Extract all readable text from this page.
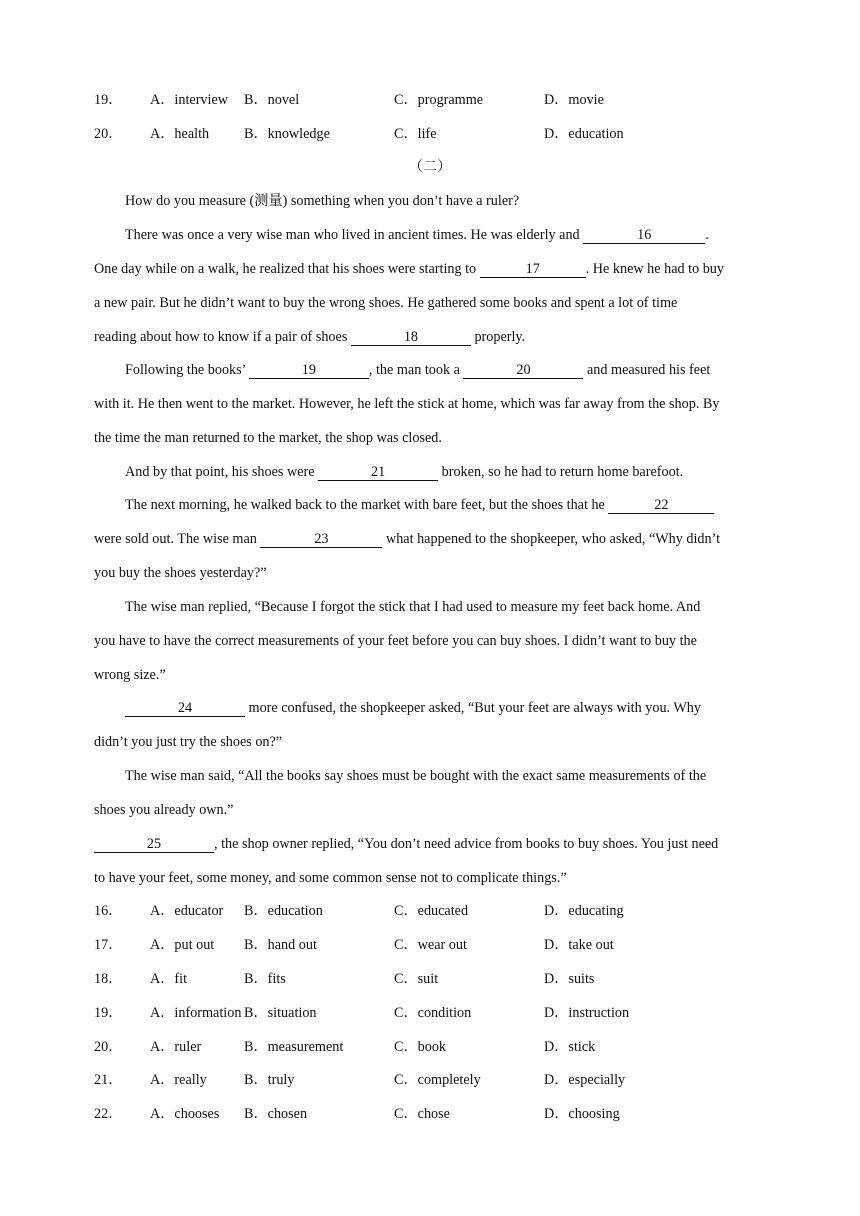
19． A．interview B．novel	C．programme	D．movie
20． A．health B．knowledge	C．life	D．education
（二）
How do you measure (测量) something when you don’t have a ruler?
There was once a very wise man who lived in ancient times. He was elderly and	16	.
One day while on a walk, he realized that his shoes were starting to	17	. He knew he had to buy
a new pair. But he didn’t want to buy the wrong shoes. He gathered some books and spent a lot of time
reading about how to know if a pair of shoes	18	properly.
Following the books’	19	, the man took a	20	and measured his feet
with it. He then went to the market. However, he left the stick at home, which was far away from the shop. By
the time the man returned to the market, the shop was closed.
And by that point, his shoes were	21	broken, so he had to return home barefoot.
The next morning, he walked back to the market with bare feet, but the shoes that he	22
were sold out. The wise man	23	what happened to the shopkeeper, who asked, “Why didn’t
you buy the shoes yesterday?”
The wise man replied, “Because I forgot the stick that I had used to measure my feet back home. And
you have to have the correct measurements of your feet before you can buy shoes. I didn’t want to buy the
wrong size.”
24	more confused, the shopkeeper asked, “But your feet are always with you. Why
didn’t you just try the shoes on?”
The wise man said, “All the books say shoes must be bought with the exact same measurements of the
shoes you already own.”
25	, the shop owner replied, “You don’t need advice from books to buy shoes. You just need
to have your feet, some money, and some common sense not to complicate things.”
16． A．educator B．education	C．educated	D．educating
17． A．put out B．hand out	C．wear out	D．take out
18． A．fit	B．fits	C．suit	D．suits
19． A．information B．situation	C．condition	D．instruction
20． A．ruler	B．measurement	C．book	D．stick
21． A．really	B．truly	C．completely	D．especially
22． A．chooses B．chosen	C．chose	D．choosing
